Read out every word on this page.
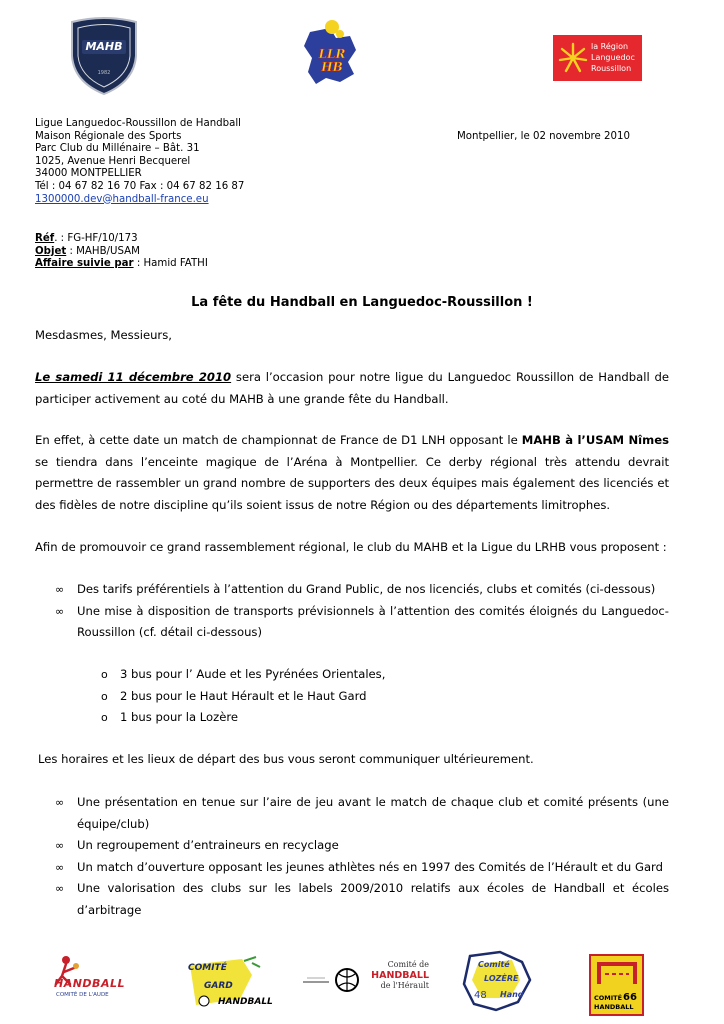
1982
MAHB
LLR HB
la Région
Languedoc
Roussillon
Ligue Languedoc-Roussillon de Handball
Maison Régionale des Sports
Parc Club du Millénaire – Bât. 31
1025, Avenue Henri Becquerel
34000 MONTPELLIER
Tél : 04 67 82 16 70 Fax : 04 67 82 16 87
1300000.dev@handball-france.eu
Montpellier, le 02 novembre 2010
Réf. : FG-HF/10/173
Objet : MAHB/USAM
Affaire suivie par : Hamid FATHI
La fête du Handball en Languedoc-Roussillon !
Mesdasmes, Messieurs,
Le samedi 11 décembre 2010 sera l’occasion pour notre ligue du Languedoc Roussillon de Handball de participer activement au coté du MAHB à une grande fête du Handball.
En effet, à cette date un match de championnat de France de D1 LNH opposant le MAHB à l’USAM Nîmes se tiendra dans l’enceinte magique de l’Aréna à Montpellier. Ce derby régional très attendu devrait permettre de rassembler un grand nombre de supporters des deux équipes mais également des licenciés et des fidèles de notre discipline qu’ils soient issus de notre Région ou des départements limitrophes.
Afin de promouvoir ce grand rassemblement régional, le club du MAHB et la Ligue du LRHB vous proposent :
∞ Des tarifs préférentiels à l’attention du Grand Public, de nos licenciés, clubs et comités (ci-dessous)
∞ Une mise à disposition de transports prévisionnels à l’attention des comités éloignés du Languedoc-Roussillon (cf. détail ci-dessous)
o 3 bus pour l’ Aude et les Pyrénées Orientales,
o 2 bus pour le Haut Hérault et le Haut Gard
o 1 bus pour la Lozère
Les horaires et les lieux de départ des bus vous seront communiquer ultérieurement.
∞ Une présentation en tenue sur l’aire de jeu avant le match de chaque club et comité présents (une équipe/club)
∞ Un regroupement d’entraineurs en recyclage
∞ Un match d’ouverture opposant les jeunes athlètes nés en 1997 des Comités de l’Hérault et du Gard
∞ Une valorisation des clubs sur les labels 2009/2010 relatifs aux écoles de Handball et écoles d’arbitrage
HANDBALL
COMITÉ DE L'AUDE
COMITÉ
GARD
HANDBALL
Comité de
HANDBALL
de l'Hérault
Comité
LOZÈRE
Hand
48	COMITÉ
HANDBALL
66
